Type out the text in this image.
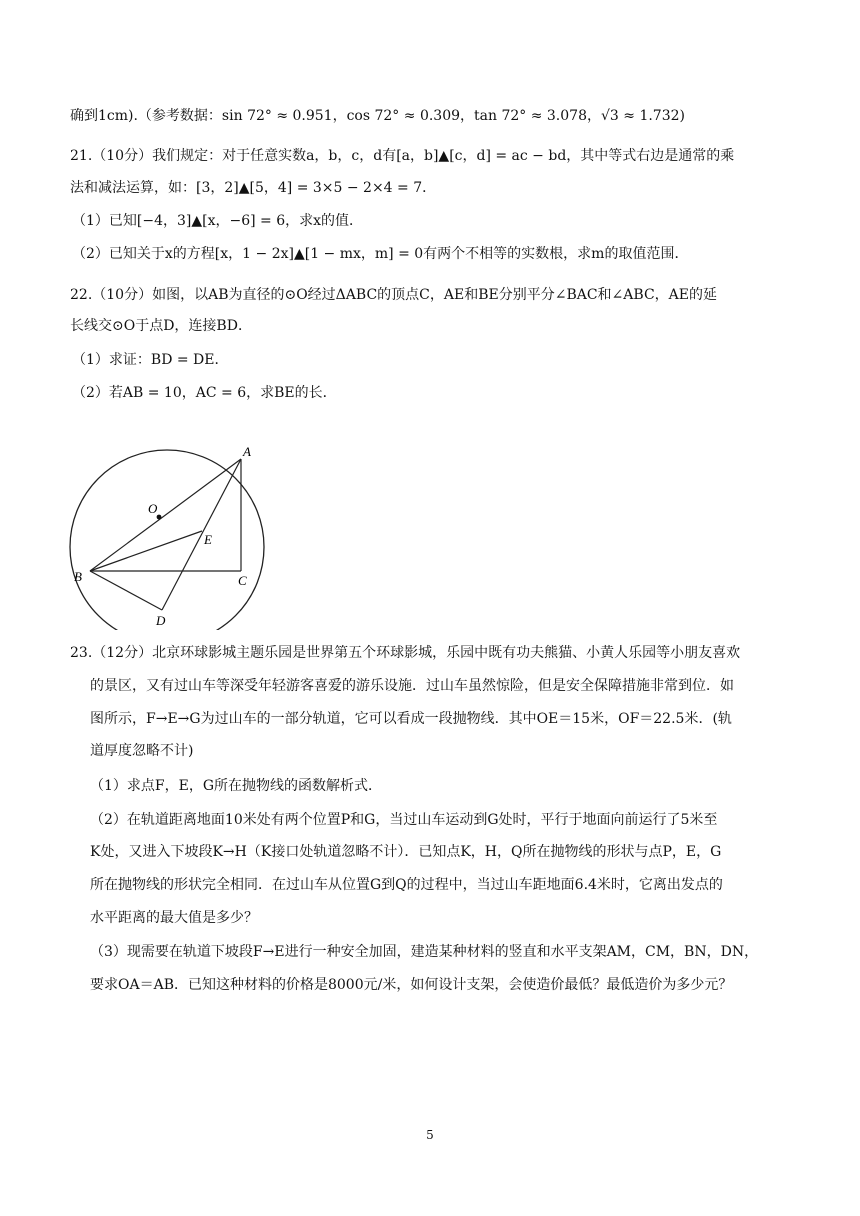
确到1cm).（参考数据：sin 72° ≈ 0.951，cos 72° ≈ 0.309，tan 72° ≈ 3.078，√3 ≈ 1.732)
21.（10分）我们规定：对于任意实数a，b，c，d有[a，b]▲[c，d] = ac − bd，其中等式右边是通常的乘
法和减法运算，如：[3，2]▲[5，4] = 3×5 − 2×4 = 7．
（1）已知[−4，3]▲[x，−6] = 6，求x的值．
（2）已知关于x的方程[x，1 − 2x]▲[1 − mx，m] = 0有两个不相等的实数根，求m的取值范围．
22.（10分）如图，以AB为直径的⊙O经过ΔABC的顶点C，AE和BE分别平分∠BAC和∠ABC，AE的延
长线交⊙O于点D，连接BD．
（1）求证：BD = DE．
（2）若AB = 10，AC = 6，求BE的长．
A
O
E
B	C
D
23.（12分）北京环球影城主题乐园是世界第五个环球影城，乐园中既有功夫熊猫、小黄人乐园等小朋友喜欢
的景区，又有过山车等深受年轻游客喜爱的游乐设施．过山车虽然惊险，但是安全保障措施非常到位．如
图所示，F→E→G为过山车的一部分轨道，它可以看成一段抛物线．其中OE＝15米，OF＝22.5米．(轨
道厚度忽略不计)
（1）求点F，E，G所在抛物线的函数解析式．
（2）在轨道距离地面10米处有两个位置P和G，当过山车运动到G处时，平行于地面向前运行了5米至
K处，又进入下坡段K→H（K接口处轨道忽略不计）．已知点K，H，Q所在抛物线的形状与点P，E，G
所在抛物线的形状完全相同．在过山车从位置G到Q的过程中，当过山车距地面6.4米时，它离出发点的
水平距离的最大值是多少？
（3）现需要在轨道下坡段F→E进行一种安全加固，建造某种材料的竖直和水平支架AM，CM，BN，DN，
要求OA＝AB．已知这种材料的价格是8000元/米，如何设计支架，会使造价最低？最低造价为多少元？
5
